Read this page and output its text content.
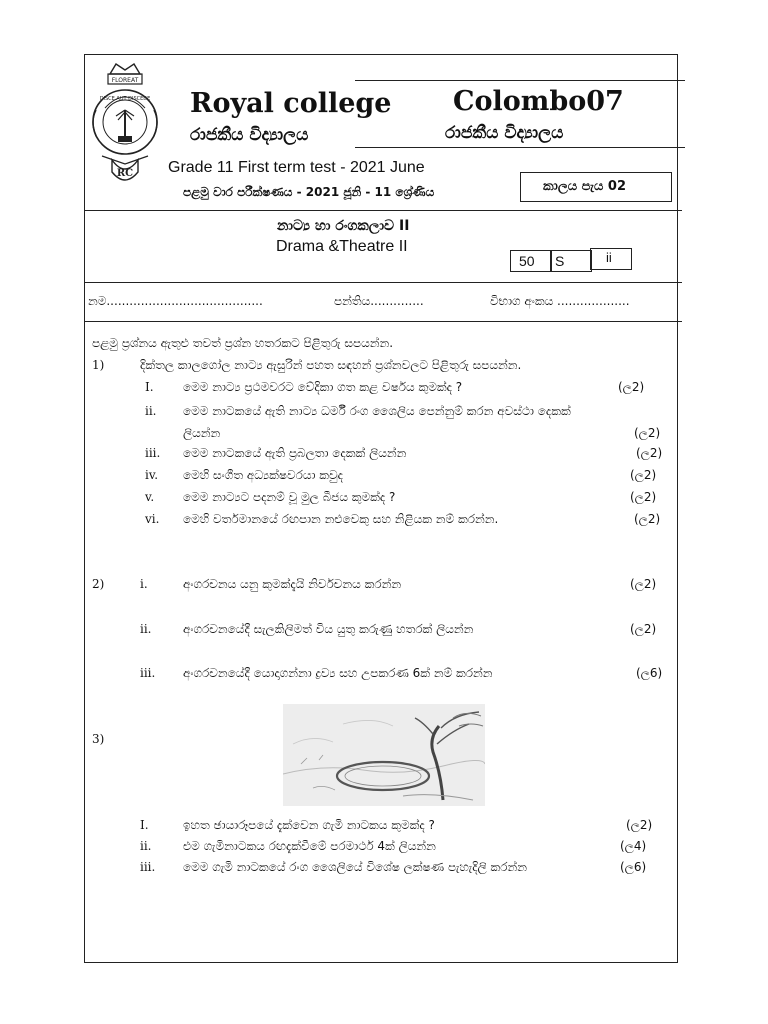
FLOREAT
DISCE AUT DISCEDE
RC
Royal college Colombo07
රාජකීය විද්‍යාලය	රාජකීය විද්‍යාලය
Grade 11 First term test - 2021 June
පළමු වාර පරීක්ෂණය - 2021 ජූනි - 11 ශ්‍රේණිය	කාලය පැය 02
නාට්‍ය හා රංගකලාව II
Drama &Theatre II
50 S	ii
නම.........................................	පන්තිය..............	විභාග අංකය ...................
පළමු ප්‍රශ්නය ඇතුළු තවත් ප්‍රශ්න හතරකට පිළිතුරු සපයන්න.
1)	දික්තල කාලගෝල නාට්‍ය ඇසුරින් පහත සඳහන් ප්‍රශ්නවලට පිළිතුරු සපයන්න.
I. මෙම නාට්‍ය ප්‍රථමවරට වේදිකා ගත කළ වර්ෂය කුමක්ද ?	(ල2)
ii. මෙම නාටකයේ ඇති නාට්‍ය ධර්මී රංග ශෛලිය පෙන්නුම් කරන අවස්ථා දෙකක්
ලියන්න	(ල2)
iii. මෙම නාටකයේ ඇති ප්‍රබලතා දෙකක් ලියන්න	(ල2)
iv. මෙහි සංගීත අධ්‍යක්ෂවරයා කවුද	(ල2)
v. මෙම නාට්‍යට පදනම් වූ මුල බීජය කුමක්ද ?	(ල2)
vi. මෙහි වර්තමානයේ රඟපාන නළුවෙකු සහ නිළියක නම් කරන්න.	(ල2)
2)	i.	අංගරචනය යනු කුමක්දැයි නිර්වචනය කරන්න	(ල2)
ii.	අංගරචනයේදී සැලකිලිමත් විය යුතු කරුණු හතරක් ලියන්න	(ල2)
iii. අංගරචනයේදී යොදාගන්නා ද්‍රව්‍ය සහ උපකරණ 6ක් නම් කරන්න	(ල6)
3)
I.	ඉහත ඡායාරූපයේ දැක්වෙන ගැමි නාටකය කුමක්ද ?	(ල2)
ii.	එම ගැමිනාටකය රඟදැක්වීමේ පරමාර්ථ 4ක් ලියන්න	(ල4)
iii. මෙම ගැමි නාටකයේ රංග ශෛලියේ විශේෂ ලක්ෂණ පැහැදිලි කරන්න	(ල6)
